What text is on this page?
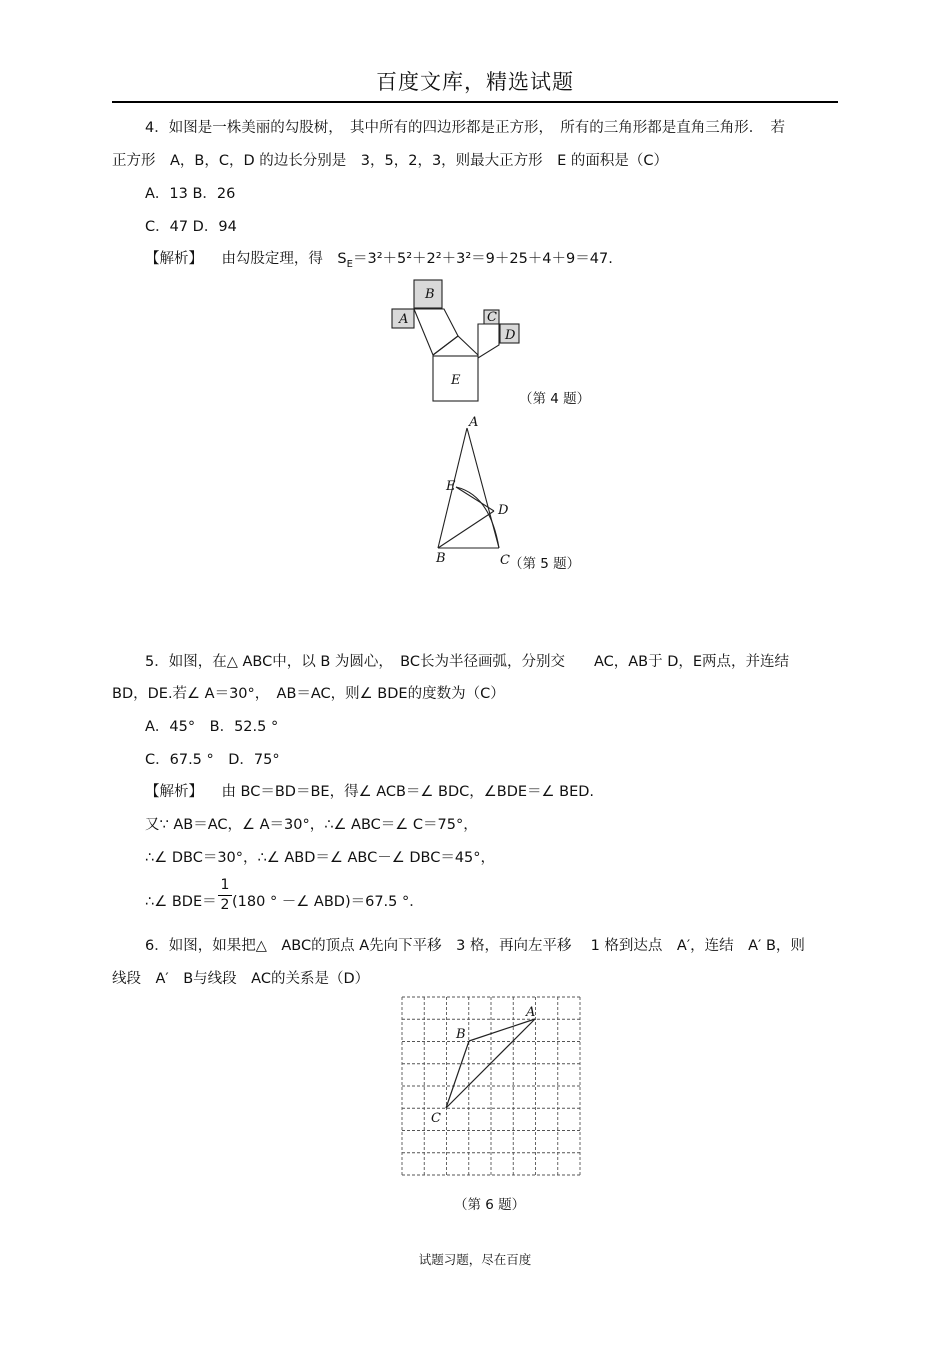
百度文库，精选试题
4．如图是一株美丽的勾股树，　其中所有的四边形都是正方形，　所有的三角形都是直角三角形．　若
正方形　A，B，C，D 的边长分别是　3，5，2，3，则最大正方形　E 的面积是（C）
A．13 B．26
C．47 D．94
【解析】 由勾股定理，得　$S_E=3^2+5^2+2^2+3^2=9+25+4+9=47$.
B
A	C
D
E
（第 4 题）
A
E
D
B	C （第 5 题）
5．如图，在△ ABC中，以 B 为圆心，　BC长为半径画弧，分别交　　AC，AB于 D，E两点，并连结
BD，DE.若∠ A＝30°，　AB＝AC，则∠ BDE的度数为（C）
A．45°　B．52.5 °
C．67.5 °　D．75°
【解析】 由 BC＝BD＝BE，得∠ ACB＝∠ BDC，∠BDE＝∠ BED.
又∵ AB＝AC，∠ A＝30°，∴∠ ABC＝∠ C＝75°，
∴∠ DBC＝30°，∴∠ ABD＝∠ ABC－∠ DBC＝45°，
∴∠ BDE＝
1
2 (180 ° －∠ ABD)＝67.5 °．
6．如图，如果把△　ABC的顶点 A先向下平移　3 格，再向左平移　 1 格到达点　A′，连结　A′ B，则
线段　A′　B与线段　AC的关系是（D）
A
B
C
（第 6 题）
试题习题，尽在百度
